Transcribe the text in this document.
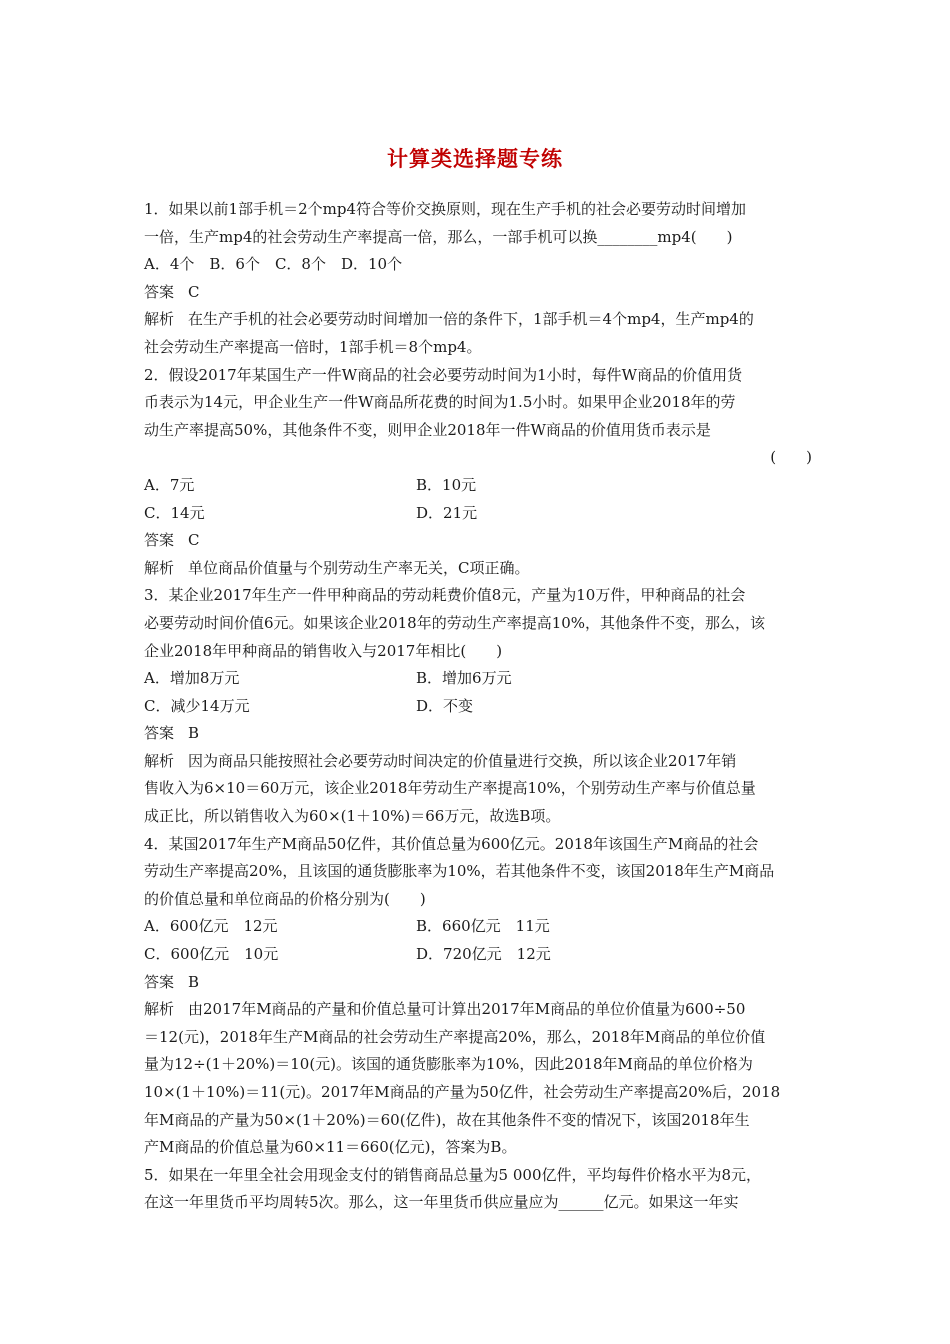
计算类选择题专练

1．如果以前1部手机＝2个mp4符合等价交换原则，现在生产手机的社会必要劳动时间增加

一倍，生产mp4的社会劳动生产率提高一倍，那么，一部手机可以换________mp4(　　)

A．4个　B．6个　C．8个　D．10个

答案 C

解析 在生产手机的社会必要劳动时间增加一倍的条件下，1部手机＝4个mp4，生产mp4的

社会劳动生产率提高一倍时，1部手机＝8个mp4。

2．假设2017年某国生产一件W商品的社会必要劳动时间为1小时，每件W商品的价值用货

币表示为14元，甲企业生产一件W商品所花费的时间为1.5小时。如果甲企业2018年的劳

动生产率提高50%，其他条件不变，则甲企业2018年一件W商品的价值用货币表示是

(　　)

A．7元	B．10元
C．14元	D．21元

答案 C

解析 单位商品价值量与个别劳动生产率无关，C项正确。

3．某企业2017年生产一件甲种商品的劳动耗费价值8元，产量为10万件，甲种商品的社会

必要劳动时间价值6元。如果该企业2018年的劳动生产率提高10%，其他条件不变，那么，该

企业2018年甲种商品的销售收入与2017年相比(　　)

A．增加8万元	B．增加6万元
C．减少14万元	D．不变

答案 B

解析 因为商品只能按照社会必要劳动时间决定的价值量进行交换，所以该企业2017年销

售收入为6×10＝60万元，该企业2018年劳动生产率提高10%，个别劳动生产率与价值总量

成正比，所以销售收入为60×(1＋10%)＝66万元，故选B项。

4．某国2017年生产M商品50亿件，其价值总量为600亿元。2018年该国生产M商品的社会

劳动生产率提高20%，且该国的通货膨胀率为10%，若其他条件不变，该国2018年生产M商品

的价值总量和单位商品的价格分别为(　　)

A．600亿元　12元	B．660亿元　11元
C．600亿元　10元	D．720亿元　12元

答案 B

解析 由2017年M商品的产量和价值总量可计算出2017年M商品的单位价值量为600÷50

＝12(元)，2018年生产M商品的社会劳动生产率提高20%，那么，2018年M商品的单位价值

量为12÷(1＋20%)＝10(元)。该国的通货膨胀率为10%，因此2018年M商品的单位价格为

10×(1＋10%)＝11(元)。2017年M商品的产量为50亿件，社会劳动生产率提高20%后，2018

年M商品的产量为50×(1＋20%)＝60(亿件)，故在其他条件不变的情况下，该国2018年生

产M商品的价值总量为60×11＝660(亿元)，答案为B。

5．如果在一年里全社会用现金支付的销售商品总量为5 000亿件，平均每件价格水平为8元，

在这一年里货币平均周转5次。那么，这一年里货币供应量应为______亿元。如果这一年实
